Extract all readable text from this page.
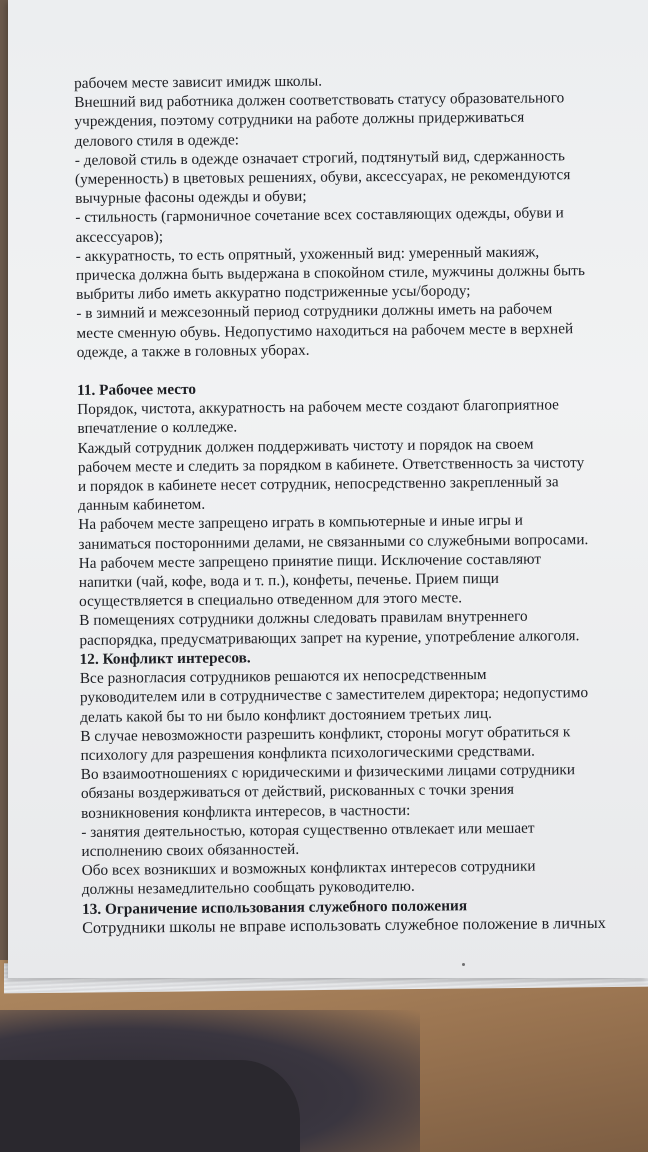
рабочем месте зависит имидж школы.
Внешний вид работника должен соответствовать статусу образовательного
учреждения, поэтому сотрудники на работе должны придерживаться
делового стиля в одежде:
- деловой стиль в одежде означает строгий, подтянутый вид, сдержанность
(умеренность) в цветовых решениях, обуви, аксессуарах, не рекомендуются
вычурные фасоны одежды и обуви;
- стильность (гармоничное сочетание всех составляющих одежды, обуви и
аксессуаров);
- аккуратность, то есть опрятный, ухоженный вид: умеренный макияж,
прическа должна быть выдержана в спокойном стиле, мужчины должны быть
выбриты либо иметь аккуратно подстриженные усы/бороду;
- в зимний и межсезонный период сотрудники должны иметь на рабочем
месте сменную обувь. Недопустимо находиться на рабочем месте в верхней
одежде, а также в головных уборах.
11. Рабочее место
Порядок, чистота, аккуратность на рабочем месте создают благоприятное
впечатление о колледже.
Каждый сотрудник должен поддерживать чистоту и порядок на своем
рабочем месте и следить за порядком в кабинете. Ответственность за чистоту
и порядок в кабинете несет сотрудник, непосредственно закрепленный за
данным кабинетом.
На рабочем месте запрещено играть в компьютерные и иные игры и
заниматься посторонними делами, не связанными со служебными вопросами.
На рабочем месте запрещено принятие пищи. Исключение составляют
напитки (чай, кофе, вода и т. п.), конфеты, печенье. Прием пищи
осуществляется в специально отведенном для этого месте.
В помещениях сотрудники должны следовать правилам внутреннего
распорядка, предусматривающих запрет на курение, употребление алкоголя.
12. Конфликт интересов.
Все разногласия сотрудников решаются их непосредственным
руководителем или в сотрудничестве с заместителем директора; недопустимо
делать какой бы то ни было конфликт достоянием третьих лиц.
В случае невозможности разрешить конфликт, стороны могут обратиться к
психологу для разрешения конфликта психологическими средствами.
Во взаимоотношениях с юридическими и физическими лицами сотрудники
обязаны воздерживаться от действий, рискованных с точки зрения
возникновения конфликта интересов, в частности:
- занятия деятельностью, которая существенно отвлекает или мешает
исполнению своих обязанностей.
Обо всех возникших и возможных конфликтах интересов сотрудники
должны незамедлительно сообщать руководителю.
13. Ограничение использования служебного положения
Сотрудники школы не вправе использовать служебное положение в личных
